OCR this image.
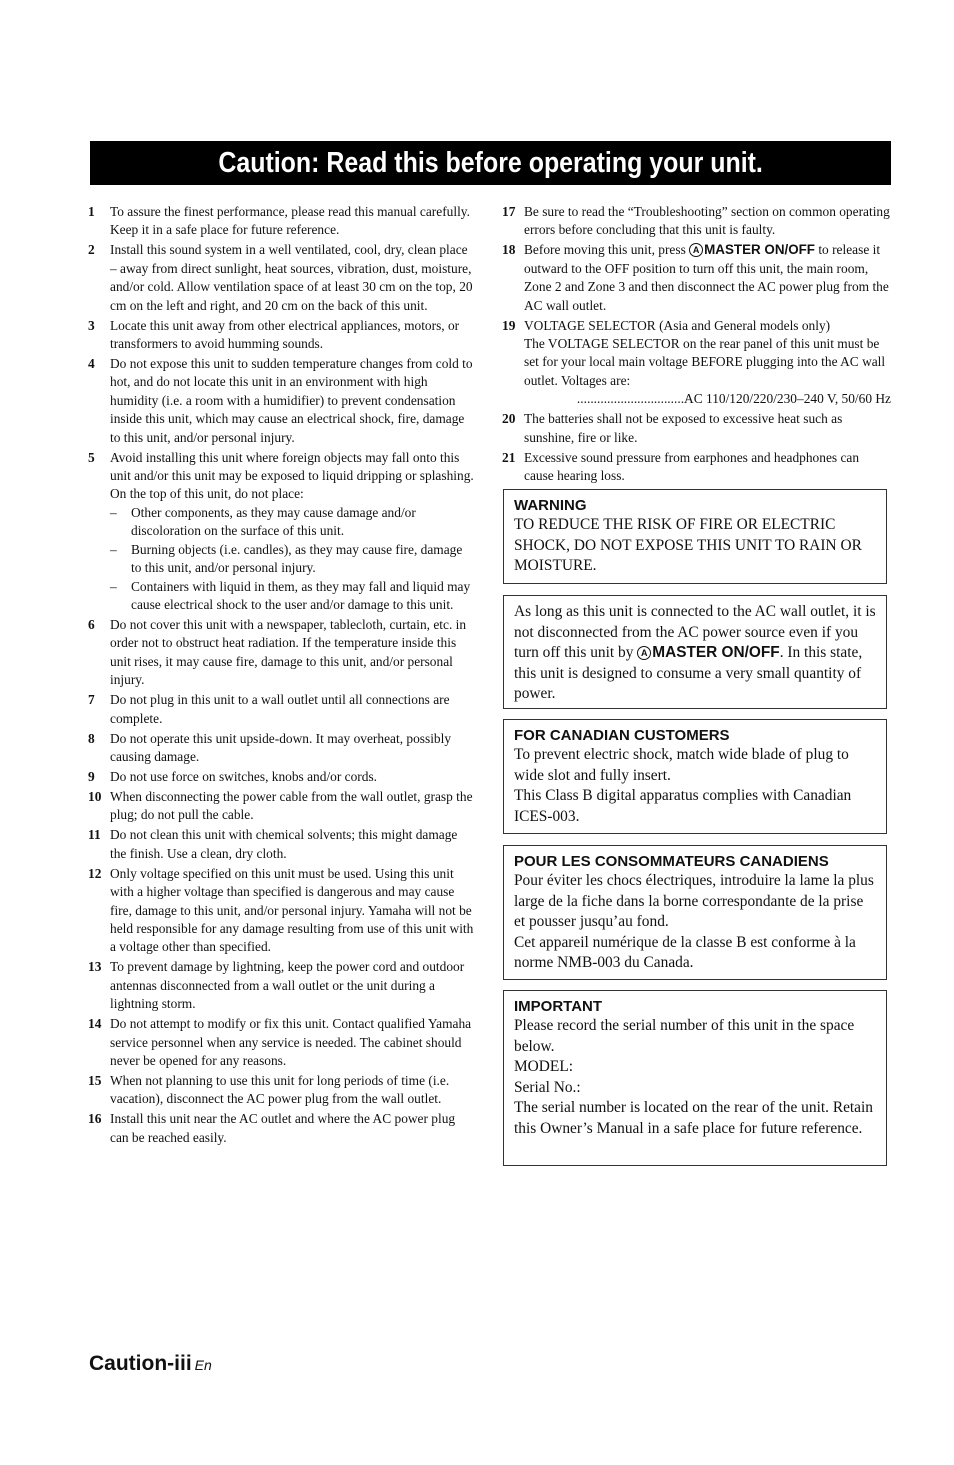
Caution: Read this before operating your unit.
1	To assure the finest performance, please read this manual carefully. Keep it in a safe place for future reference.
2	Install this sound system in a well ventilated, cool, dry, clean place – away from direct sunlight, heat sources, vibration, dust, moisture, and/or cold. Allow ventilation space of at least 30 cm on the top, 20 cm on the left and right, and 20 cm on the back of this unit.
3	Locate this unit away from other electrical appliances, motors, or transformers to avoid humming sounds.
4	Do not expose this unit to sudden temperature changes from cold to hot, and do not locate this unit in an environment with high humidity (i.e. a room with a humidifier) to prevent condensation inside this unit, which may cause an electrical shock, fire, damage to this unit, and/or personal injury.
5	Avoid installing this unit where foreign objects may fall onto this unit and/or this unit may be exposed to liquid dripping or splashing. On the top of this unit, do not place:
–	Other components, as they may cause damage and/or discoloration on the surface of this unit.
–	Burning objects (i.e. candles), as they may cause fire, damage to this unit, and/or personal injury.
–	Containers with liquid in them, as they may fall and liquid may cause electrical shock to the user and/or damage to this unit.
6	Do not cover this unit with a newspaper, tablecloth, curtain, etc. in order not to obstruct heat radiation. If the temperature inside this unit rises, it may cause fire, damage to this unit, and/or personal injury.
7	Do not plug in this unit to a wall outlet until all connections are complete.
8	Do not operate this unit upside-down. It may overheat, possibly causing damage.
9	Do not use force on switches, knobs and/or cords.
10 When disconnecting the power cable from the wall outlet, grasp the plug; do not pull the cable.
11 Do not clean this unit with chemical solvents; this might damage the finish. Use a clean, dry cloth.
12 Only voltage specified on this unit must be used. Using this unit with a higher voltage than specified is dangerous and may cause fire, damage to this unit, and/or personal injury. Yamaha will not be held responsible for any damage resulting from use of this unit with a voltage other than specified.
13 To prevent damage by lightning, keep the power cord and outdoor antennas disconnected from a wall outlet or the unit during a lightning storm.
14 Do not attempt to modify or fix this unit. Contact qualified Yamaha service personnel when any service is needed. The cabinet should never be opened for any reasons.
15 When not planning to use this unit for long periods of time (i.e. vacation), disconnect the AC power plug from the wall outlet.
16 Install this unit near the AC outlet and where the AC power plug can be reached easily.
17 Be sure to read the “Troubleshooting” section on common operating errors before concluding that this unit is faulty.
18 Before moving this unit, press A MASTER ON/OFF to release it outward to the OFF position to turn off this unit, the main room, Zone 2 and Zone 3 and then disconnect the AC power plug from the AC wall outlet.
19 VOLTAGE SELECTOR (Asia and General models only)
The VOLTAGE SELECTOR on the rear panel of this unit must be set for your local main voltage BEFORE plugging into the AC wall outlet. Voltages are:
................................AC 110/120/220/230–240 V, 50/60 Hz
20 The batteries shall not be exposed to excessive heat such as sunshine, fire or like.
21 Excessive sound pressure from earphones and headphones can cause hearing loss.
WARNING
TO REDUCE THE RISK OF FIRE OR ELECTRIC SHOCK, DO NOT EXPOSE THIS UNIT TO RAIN OR MOISTURE.
As long as this unit is connected to the AC wall outlet, it is not disconnected from the AC power source even if you turn off this unit by A MASTER ON/OFF. In this state, this unit is designed to consume a very small quantity of power.
FOR CANADIAN CUSTOMERS
To prevent electric shock, match wide blade of plug to wide slot and fully insert.
This Class B digital apparatus complies with Canadian ICES-003.
POUR LES CONSOMMATEURS CANADIENS
Pour éviter les chocs électriques, introduire la lame la plus large de la fiche dans la borne correspondante de la prise et pousser jusqu’au fond.
Cet appareil numérique de la classe B est conforme à la norme NMB-003 du Canada.
IMPORTANT
Please record the serial number of this unit in the space below.
MODEL:
Serial No.:
The serial number is located on the rear of the unit. Retain this Owner’s Manual in a safe place for future reference.
Caution-iii En
